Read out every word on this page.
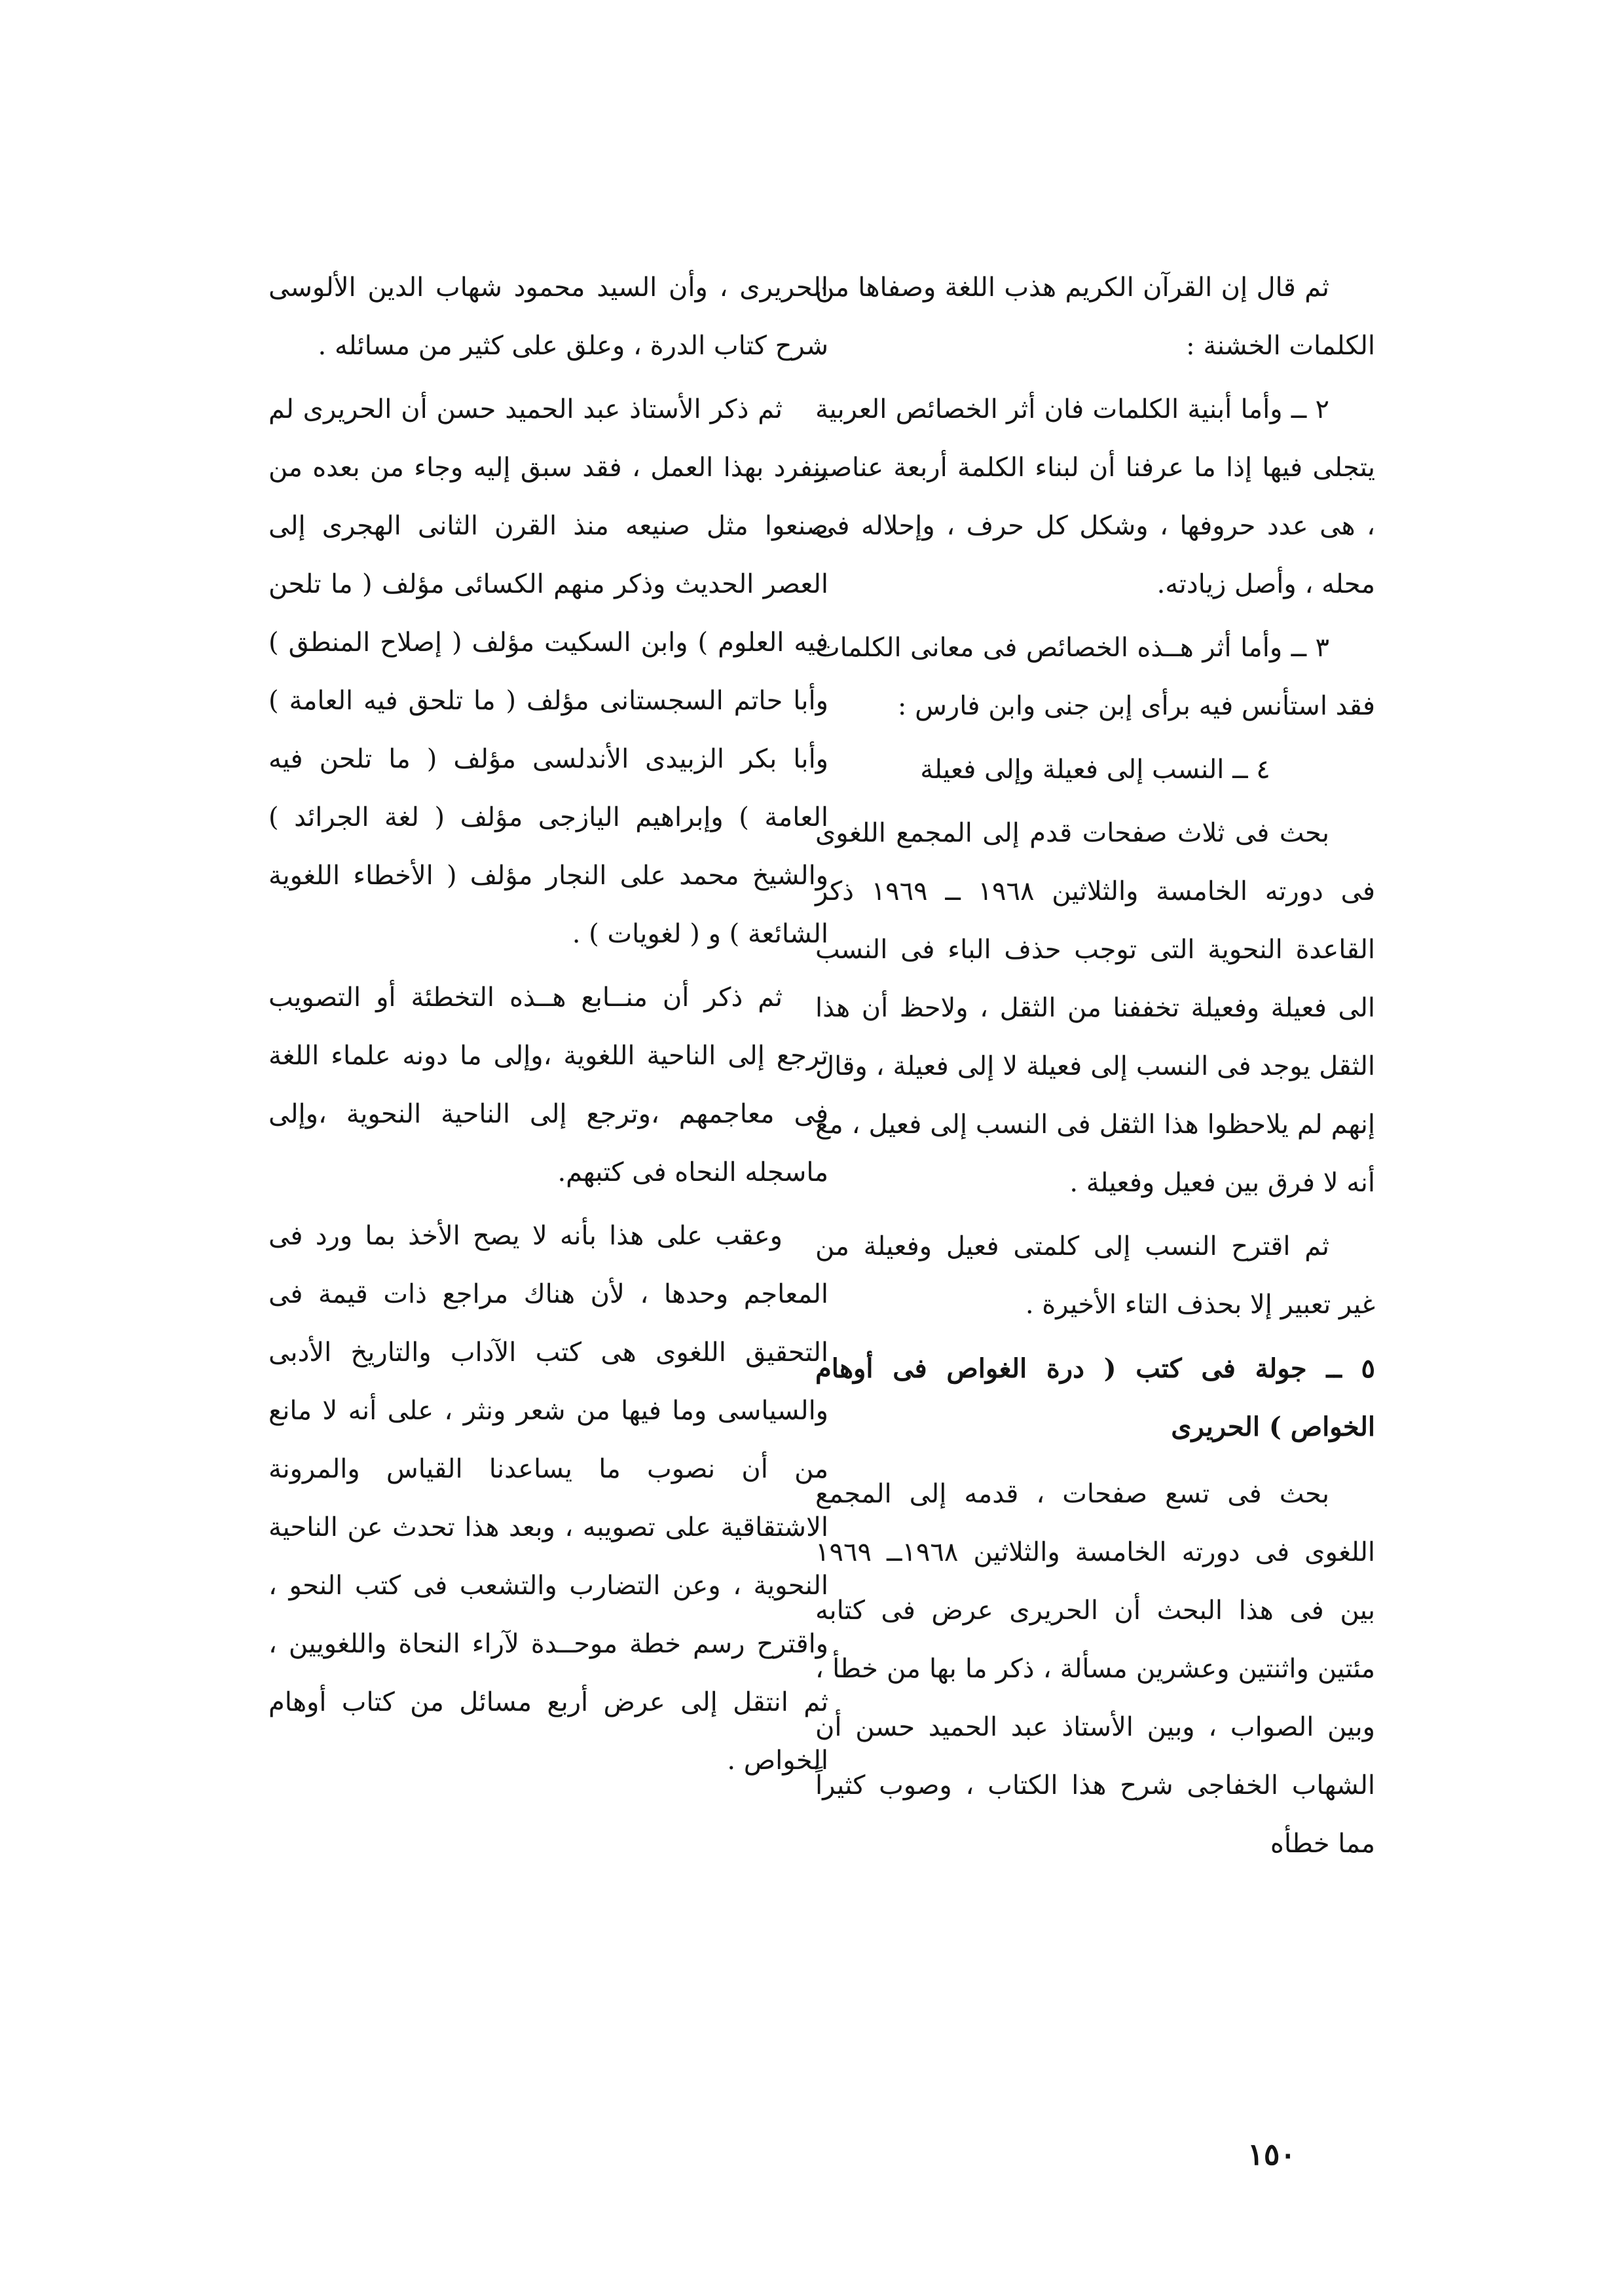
ثم قال إن القرآن الكريم هذب اللغة وصفاها من الكلمات الخشنة :

٢ ــ وأما أبنية الكلمات فان أثر الخصائص العربية يتجلى فيها إذا ما عرفنا أن لبناء الكلمة أربعة عناصر ، هى عدد حروفها ، وشكل كل حرف ، وإحلاله فى محله ، وأصل زيادته.

٣ ــ وأما أثر هــذه الخصائص فى معانى الكلمات فقد استأنس فيه برأى إبن جنى وابن فارس :

٤ ــ النسب إلى فعيلة وإلى فعيلة

بحث فى ثلاث صفحات قدم إلى المجمع اللغوى فى دورته الخامسة والثلاثين ١٩٦٨ ــ ١٩٦٩ ذكر القاعدة النحوية التى توجب حذف الباء فى النسب الى فعيلة وفعيلة تخففنا من الثقل ، ولاحظ أن هذا الثقل يوجد فى النسب إلى فعيلة لا إلى فعيلة ، وقال إنهم لم يلاحظوا هذا الثقل فى النسب إلى فعيل ، مع أنه لا فرق بين فعيل وفعيلة .

ثم اقترح النسب إلى كلمتى فعيل وفعيلة من غير تعبير إلا بحذف التاء الأخيرة .

٥ ــ جولة فى كتب ( درة الغواص فى أوهام الخواص ) الحريرى

بحث فى تسع صفحات ، قدمه إلى المجمع اللغوى فى دورته الخامسة والثلاثين ١٩٦٨ــ ١٩٦٩ بين فى هذا البحث أن الحريرى عرض فى كتابه مئتين واثنتين وعشرين مسألة ، ذكر ما بها من خطأ ، وبين الصواب ، وبين الأستاذ عبد الحميد حسن أن الشهاب الخفاجى شرح هذا الكتاب ، وصوب كثيراً مما خطأه

الحريرى ، وأن السيد محمود شهاب الدين الألوسى شرح كتاب الدرة ، وعلق على كثير من مسائله .

ثم ذكر الأستاذ عبد الحميد حسن أن الحريرى لم ينفرد بهذا العمل ، فقد سبق إليه وجاء من بعده من صنعوا مثل صنيعه منذ القرن الثانى الهجرى إلى العصر الحديث وذكر منهم الكسائى مؤلف ( ما تلحن فيه العلوم ) وابن السكيت مؤلف ( إصلاح المنطق ) وأبا حاتم السجستانى مؤلف ( ما تلحق فيه العامة ) وأبا بكر الزبيدى الأندلسى مؤلف ( ما تلحن فيه العامة ) وإبراهيم اليازجى مؤلف ( لغة الجرائد ) والشيخ محمد على النجار مؤلف ( الأخطاء اللغوية الشائعة ) و ( لغويات ) .

ثم ذكر أن منــابع هــذه التخطئة أو التصويب ترجع إلى الناحية اللغوية ،وإلى ما دونه علماء اللغة فى معاجمهم ،وترجع إلى الناحية النحوية ،وإلى ماسجله النحاه فى كتبهم.

وعقب على هذا بأنه لا يصح الأخذ بما ورد فى المعاجم وحدها ، لأن هناك مراجع ذات قيمة فى التحقيق اللغوى هى كتب الآداب والتاريخ الأدبى والسياسى وما فيها من شعر ونثر ، على أنه لا مانع من أن نصوب ما يساعدنا القياس والمرونة الاشتقاقية على تصويبه ، وبعد هذا تحدث عن الناحية النحوية ، وعن التضارب والتشعب فى كتب النحو ، واقترح رسم خطة موحــدة لآراء النحاة واللغويين ، ثم انتقل إلى عرض أربع مسائل من كتاب أوهام الخواص .

١٥٠
